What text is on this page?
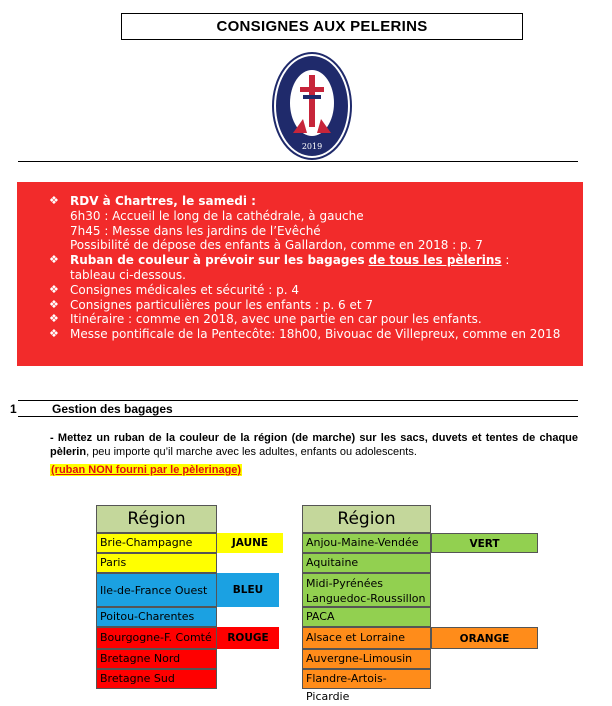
CONSIGNES AUX PELERINS
2019
❖ RDV à Chartres, le samedi :
6h30 : Accueil le long de la cathédrale, à gauche
7h45 : Messe dans les jardins de l’Evêché
Possibilité de dépose des enfants à Gallardon, comme en 2018 : p. 7
❖ Ruban de couleur à prévoir sur les bagages de tous les pèlerins :
tableau ci-dessous.
❖ Consignes médicales et sécurité : p. 4
❖ Consignes particulières pour les enfants : p. 6 et 7
❖ Itinéraire : comme en 2018, avec une partie en car pour les enfants.
❖ Messe pontificale de la Pentecôte: 18h00, Bivouac de Villepreux, comme en 2018
1	Gestion des bagages
- Mettez un ruban de la couleur de la région (de marche) sur les sacs, duvets et tentes de chaque pèlerin, peu importe qu’il marche avec les adultes, enfants ou adolescents.
(ruban NON fourni par le pèlerinage)
Région
Brie-Champagne	JAUNE
Paris
Ile-de-France Ouest	BLEU
Poitou-Charentes
Bourgogne-F. Comté	ROUGE
Bretagne Nord
Bretagne Sud
Région
Anjou-Maine-Vendée	VERT
Aquitaine
Midi-Pyrénées
Languedoc-Roussillon
PACA
Alsace et Lorraine	ORANGE
Auvergne-Limousin
Flandre-Artois-Picardie
